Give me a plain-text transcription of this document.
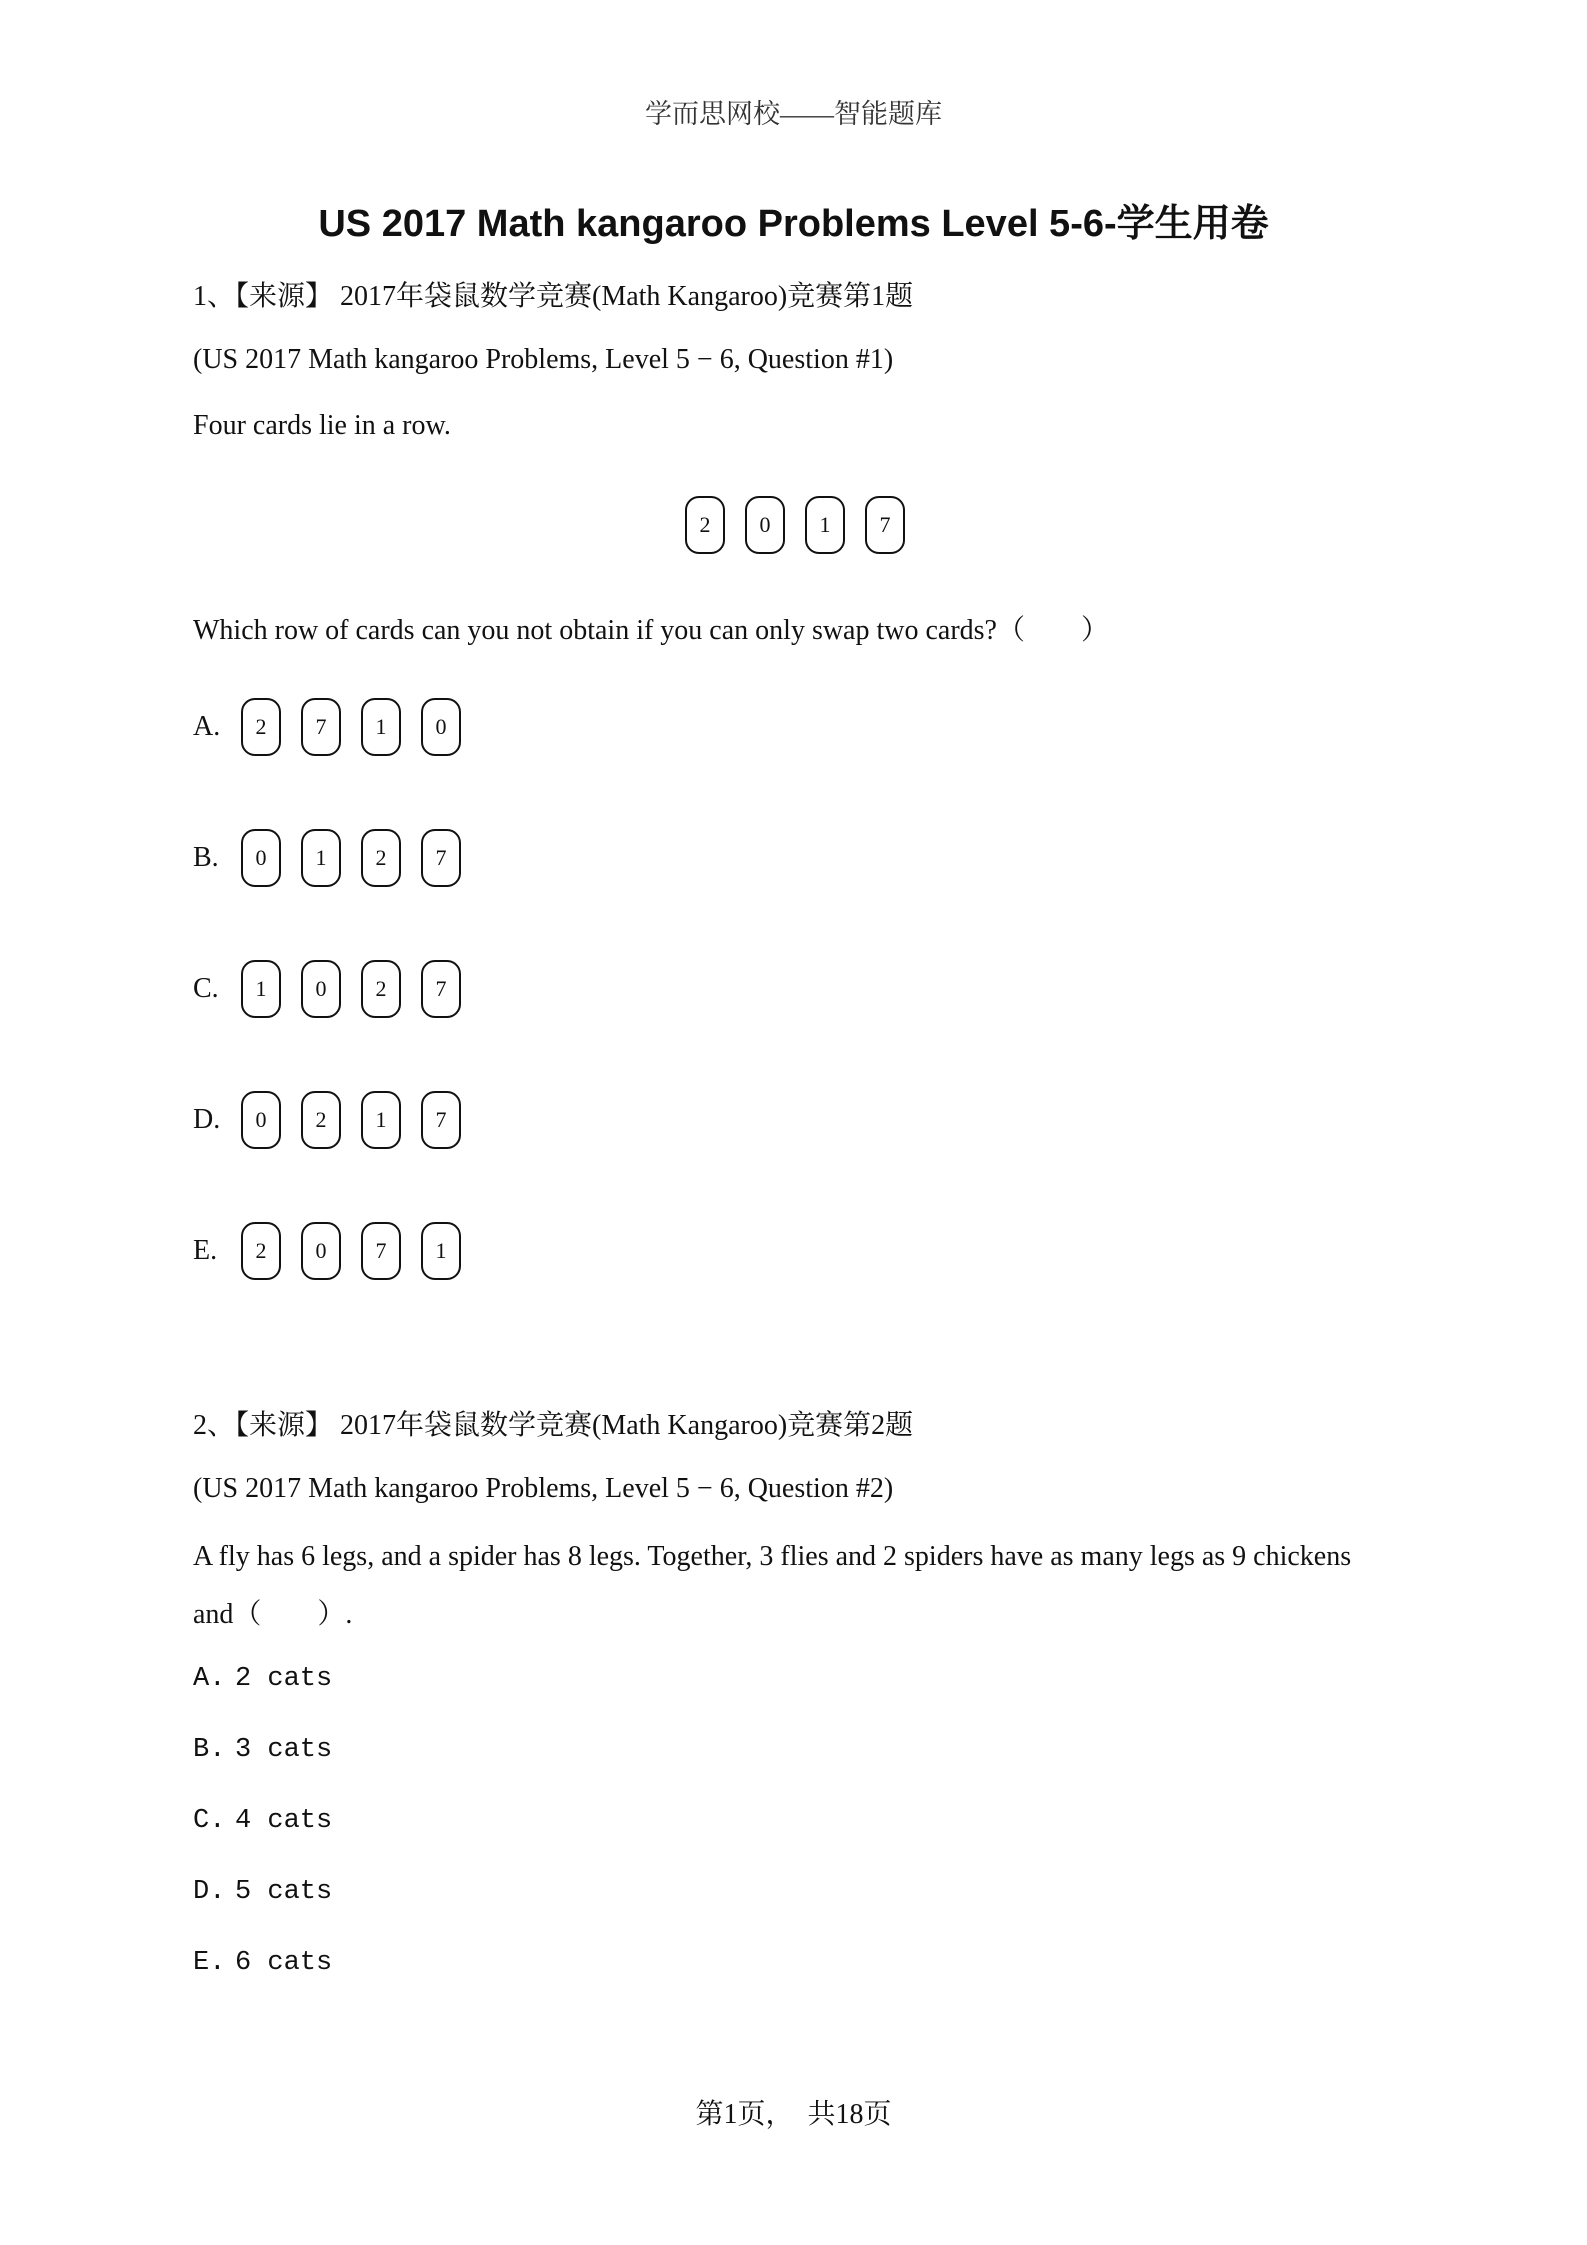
学而思网校——智能题库
US 2017 Math kangaroo Problems Level 5-6-学生用卷
1、【来源】 2017年袋鼠数学竞赛(Math Kangaroo)竞赛第1题
(US 2017 Math kangaroo Problems, Level 5 − 6, Question #1)
Four cards lie in a row.
2	0	1	7
Which row of cards can you not obtain if you can only swap two cards?（　　）
A.	2	7	1	0
B.	0	1	2	7
C.	1	0	2	7
D.	0	2	1	7
E.	2	0	7	1
2、【来源】 2017年袋鼠数学竞赛(Math Kangaroo)竞赛第2题
(US 2017 Math kangaroo Problems, Level 5 − 6, Question #2)
A fly has 6 legs, and a spider has 8 legs. Together, 3 flies and 2 spiders have as many legs as 9 chickens
and（　　）.
A. 2 cats
B. 3 cats
C. 4 cats
D. 5 cats
E. 6 cats
第1页，　共18页
